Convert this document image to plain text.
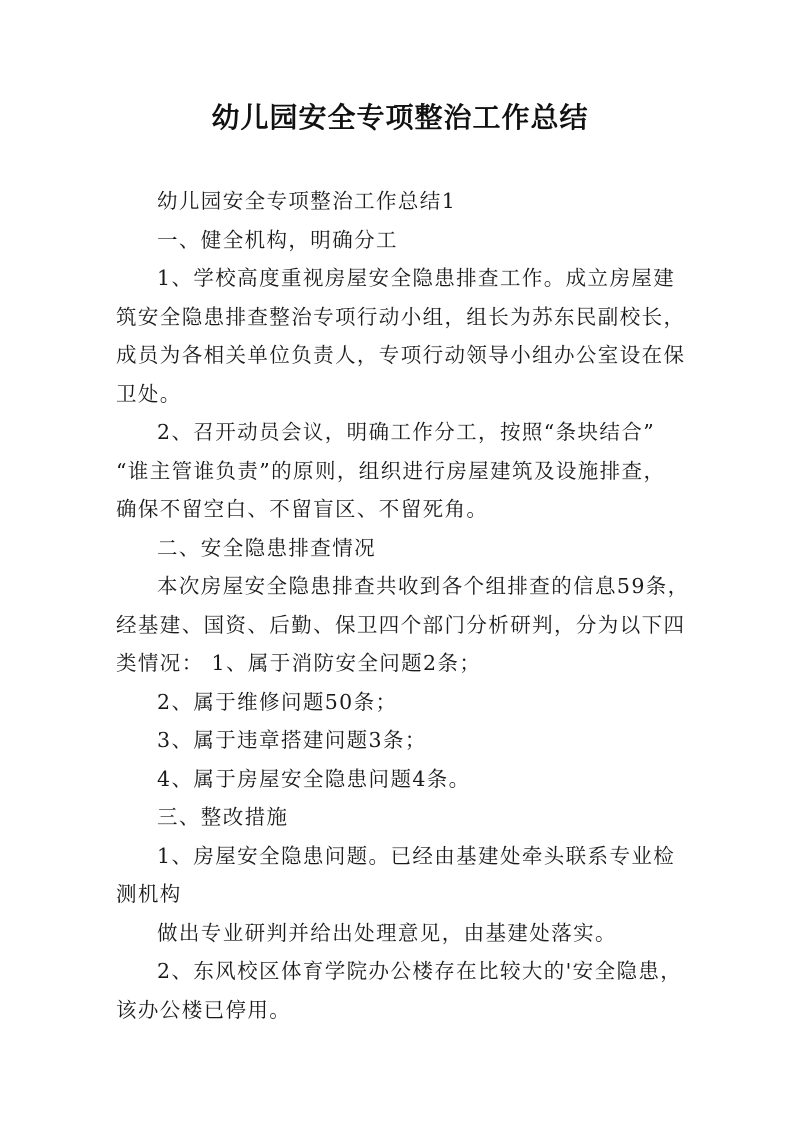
幼儿园安全专项整治工作总结

幼儿园安全专项整治工作总结1

一、健全机构，明确分工

1、学校高度重视房屋安全隐患排查工作。成立房屋建
筑安全隐患排查整治专项行动小组，组长为苏东民副校长，
成员为各相关单位负责人，专项行动领导小组办公室设在保
卫处。

2、召开动员会议，明确工作分工，按照“条块结合”
“谁主管谁负责”的原则，组织进行房屋建筑及设施排查，
确保不留空白、不留盲区、不留死角。

二、安全隐患排查情况

本次房屋安全隐患排查共收到各个组排查的信息59条，
经基建、国资、后勤、保卫四个部门分析研判，分为以下四
类情况： 1、属于消防安全问题2条；

2、属于维修问题50条；

3、属于违章搭建问题3条；

4、属于房屋安全隐患问题4条。

三、整改措施

1、房屋安全隐患问题。已经由基建处牵头联系专业检
测机构

做出专业研判并给出处理意见，由基建处落实。

2、东风校区体育学院办公楼存在比较大的'安全隐患，
该办公楼已停用。
